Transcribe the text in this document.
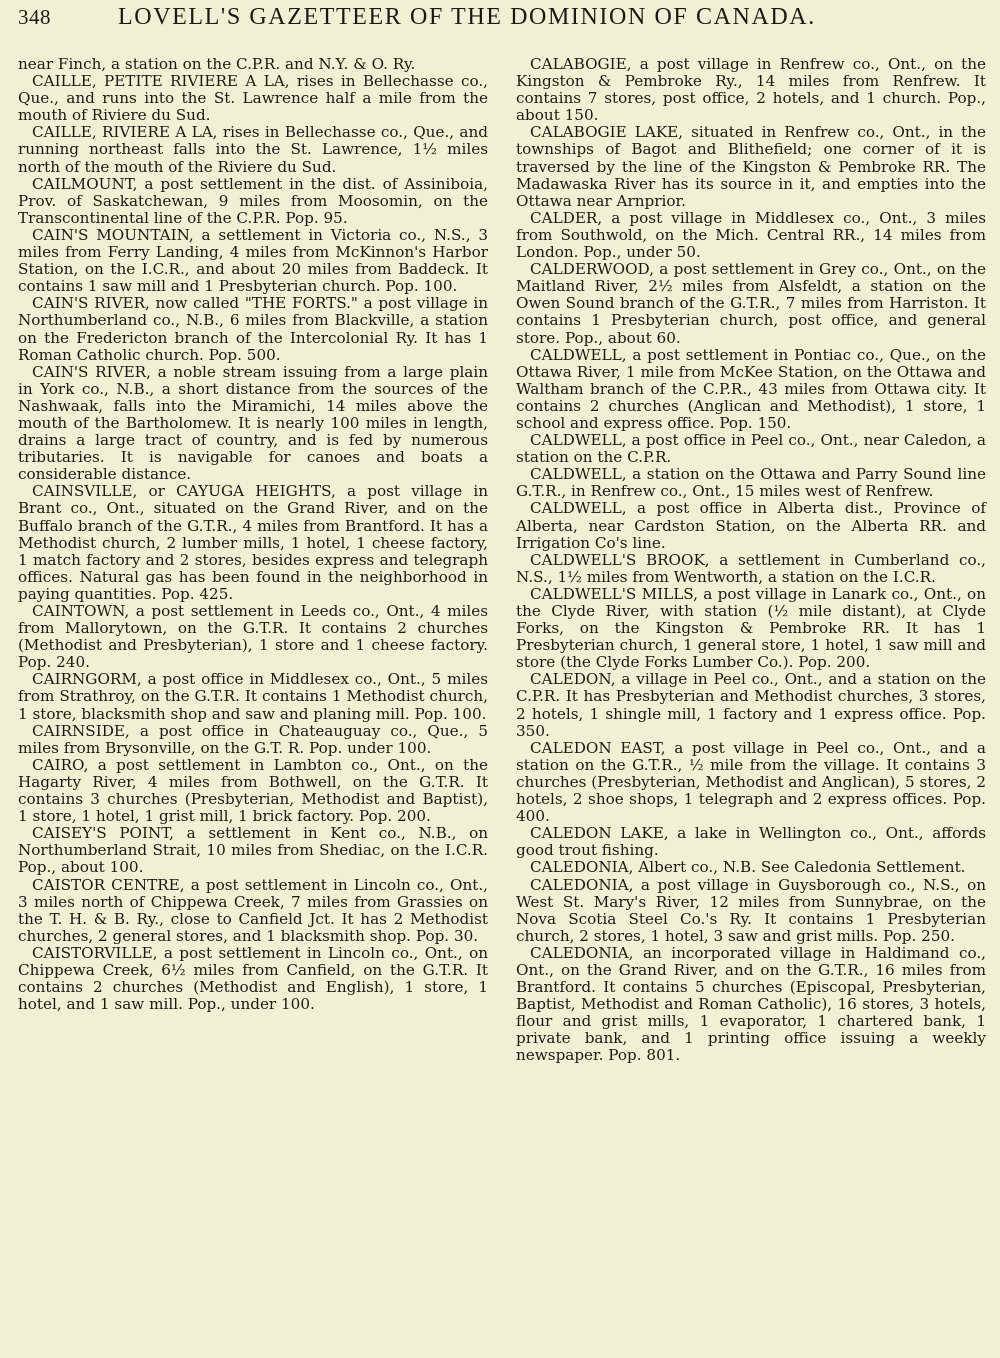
348	LOVELL'S GAZETTEER OF THE DOMINION OF CANADA.

near Finch, a station on the C.P.R. and N.Y. & O. Ry.

CAILLE, PETITE RIVIERE A LA, rises in Bellechasse co., Que., and runs into the St. Lawrence half a mile from the mouth of Riviere du Sud.

CAILLE, RIVIERE A LA, rises in Bellechasse co., Que., and running northeast falls into the St. Lawrence, 1½ miles north of the mouth of the Riviere du Sud.

CAILMOUNT, a post settlement in the dist. of Assiniboia, Prov. of Saskatchewan, 9 miles from Moosomin, on the Transcontinental line of the C.P.R. Pop. 95.

CAIN'S MOUNTAIN, a settlement in Victoria co., N.S., 3 miles from Ferry Landing, 4 miles from McKinnon's Harbor Station, on the I.C.R., and about 20 miles from Baddeck. It contains 1 saw mill and 1 Presbyterian church. Pop. 100.

CAIN'S RIVER, now called "THE FORTS." a post village in Northumberland co., N.B., 6 miles from Blackville, a station on the Fredericton branch of the Intercolonial Ry. It has 1 Roman Catholic church. Pop. 500.

CAIN'S RIVER, a noble stream issuing from a large plain in York co., N.B., a short distance from the sources of the Nashwaak, falls into the Miramichi, 14 miles above the mouth of the Bartholomew. It is nearly 100 miles in length, drains a large tract of country, and is fed by numerous tributaries. It is navigable for canoes and boats a considerable distance.

CAINSVILLE, or CAYUGA HEIGHTS, a post village in Brant co., Ont., situated on the Grand River, and on the Buffalo branch of the G.T.R., 4 miles from Brantford. It has a Methodist church, 2 lumber mills, 1 hotel, 1 cheese factory, 1 match factory and 2 stores, besides express and telegraph offices. Natural gas has been found in the neighborhood in paying quantities. Pop. 425.

CAINTOWN, a post settlement in Leeds co., Ont., 4 miles from Mallorytown, on the G.T.R. It contains 2 churches (Methodist and Presbyterian), 1 store and 1 cheese factory. Pop. 240.

CAIRNGORM, a post office in Middlesex co., Ont., 5 miles from Strathroy, on the G.T.R. It contains 1 Methodist church, 1 store, blacksmith shop and saw and planing mill. Pop. 100.

CAIRNSIDE, a post office in Chateauguay co., Que., 5 miles from Brysonville, on the G.T. R. Pop. under 100.

CAIRO, a post settlement in Lambton co., Ont., on the Hagarty River, 4 miles from Bothwell, on the G.T.R. It contains 3 churches (Presbyterian, Methodist and Baptist), 1 store, 1 hotel, 1 grist mill, 1 brick factory. Pop. 200.

CAISEY'S POINT, a settlement in Kent co., N.B., on Northumberland Strait, 10 miles from Shediac, on the I.C.R. Pop., about 100.

CAISTOR CENTRE, a post settlement in Lincoln co., Ont., 3 miles north of Chippewa Creek, 7 miles from Grassies on the T. H. & B. Ry., close to Canfield Jct. It has 2 Methodist churches, 2 general stores, and 1 blacksmith shop. Pop. 30.

CAISTORVILLE, a post settlement in Lincoln co., Ont., on Chippewa Creek, 6½ miles from Canfield, on the G.T.R. It contains 2 churches (Methodist and English), 1 store, 1 hotel, and 1 saw mill. Pop., under 100.

CALABOGIE, a post village in Renfrew co., Ont., on the Kingston & Pembroke Ry., 14 miles from Renfrew. It contains 7 stores, post office, 2 hotels, and 1 church. Pop., about 150.

CALABOGIE LAKE, situated in Renfrew co., Ont., in the townships of Bagot and Blithefield; one corner of it is traversed by the line of the Kingston & Pembroke RR. The Madawaska River has its source in it, and empties into the Ottawa near Arnprior.

CALDER, a post village in Middlesex co., Ont., 3 miles from Southwold, on the Mich. Central RR., 14 miles from London. Pop., under 50.

CALDERWOOD, a post settlement in Grey co., Ont., on the Maitland River, 2½ miles from Alsfeldt, a station on the Owen Sound branch of the G.T.R., 7 miles from Harriston. It contains 1 Presbyterian church, post office, and general store. Pop., about 60.

CALDWELL, a post settlement in Pontiac co., Que., on the Ottawa River, 1 mile from McKee Station, on the Ottawa and Waltham branch of the C.P.R., 43 miles from Ottawa city. It contains 2 churches (Anglican and Methodist), 1 store, 1 school and express office. Pop. 150.

CALDWELL, a post office in Peel co., Ont., near Caledon, a station on the C.P.R.

CALDWELL, a station on the Ottawa and Parry Sound line G.T.R., in Renfrew co., Ont., 15 miles west of Renfrew.

CALDWELL, a post office in Alberta dist., Province of Alberta, near Cardston Station, on the Alberta RR. and Irrigation Co's line.

CALDWELL'S BROOK, a settlement in Cumberland co., N.S., 1½ miles from Wentworth, a station on the I.C.R.

CALDWELL'S MILLS, a post village in Lanark co., Ont., on the Clyde River, with station (½ mile distant), at Clyde Forks, on the Kingston & Pembroke RR. It has 1 Presbyterian church, 1 general store, 1 hotel, 1 saw mill and store (the Clyde Forks Lumber Co.). Pop. 200.

CALEDON, a village in Peel co., Ont., and a station on the C.P.R. It has Presbyterian and Methodist churches, 3 stores, 2 hotels, 1 shingle mill, 1 factory and 1 express office. Pop. 350.

CALEDON EAST, a post village in Peel co., Ont., and a station on the G.T.R., ½ mile from the village. It contains 3 churches (Presbyterian, Methodist and Anglican), 5 stores, 2 hotels, 2 shoe shops, 1 telegraph and 2 express offices. Pop. 400.

CALEDON LAKE, a lake in Wellington co., Ont., affords good trout fishing.

CALEDONIA, Albert co., N.B. See Caledonia Settlement.

CALEDONIA, a post village in Guysborough co., N.S., on West St. Mary's River, 12 miles from Sunnybrae, on the Nova Scotia Steel Co.'s Ry. It contains 1 Presbyterian church, 2 stores, 1 hotel, 3 saw and grist mills. Pop. 250.

CALEDONIA, an incorporated village in Haldimand co., Ont., on the Grand River, and on the G.T.R., 16 miles from Brantford. It contains 5 churches (Episcopal, Presbyterian, Baptist, Methodist and Roman Catholic), 16 stores, 3 hotels, flour and grist mills, 1 evaporator, 1 chartered bank, 1 private bank, and 1 printing office issuing a weekly newspaper. Pop. 801.
